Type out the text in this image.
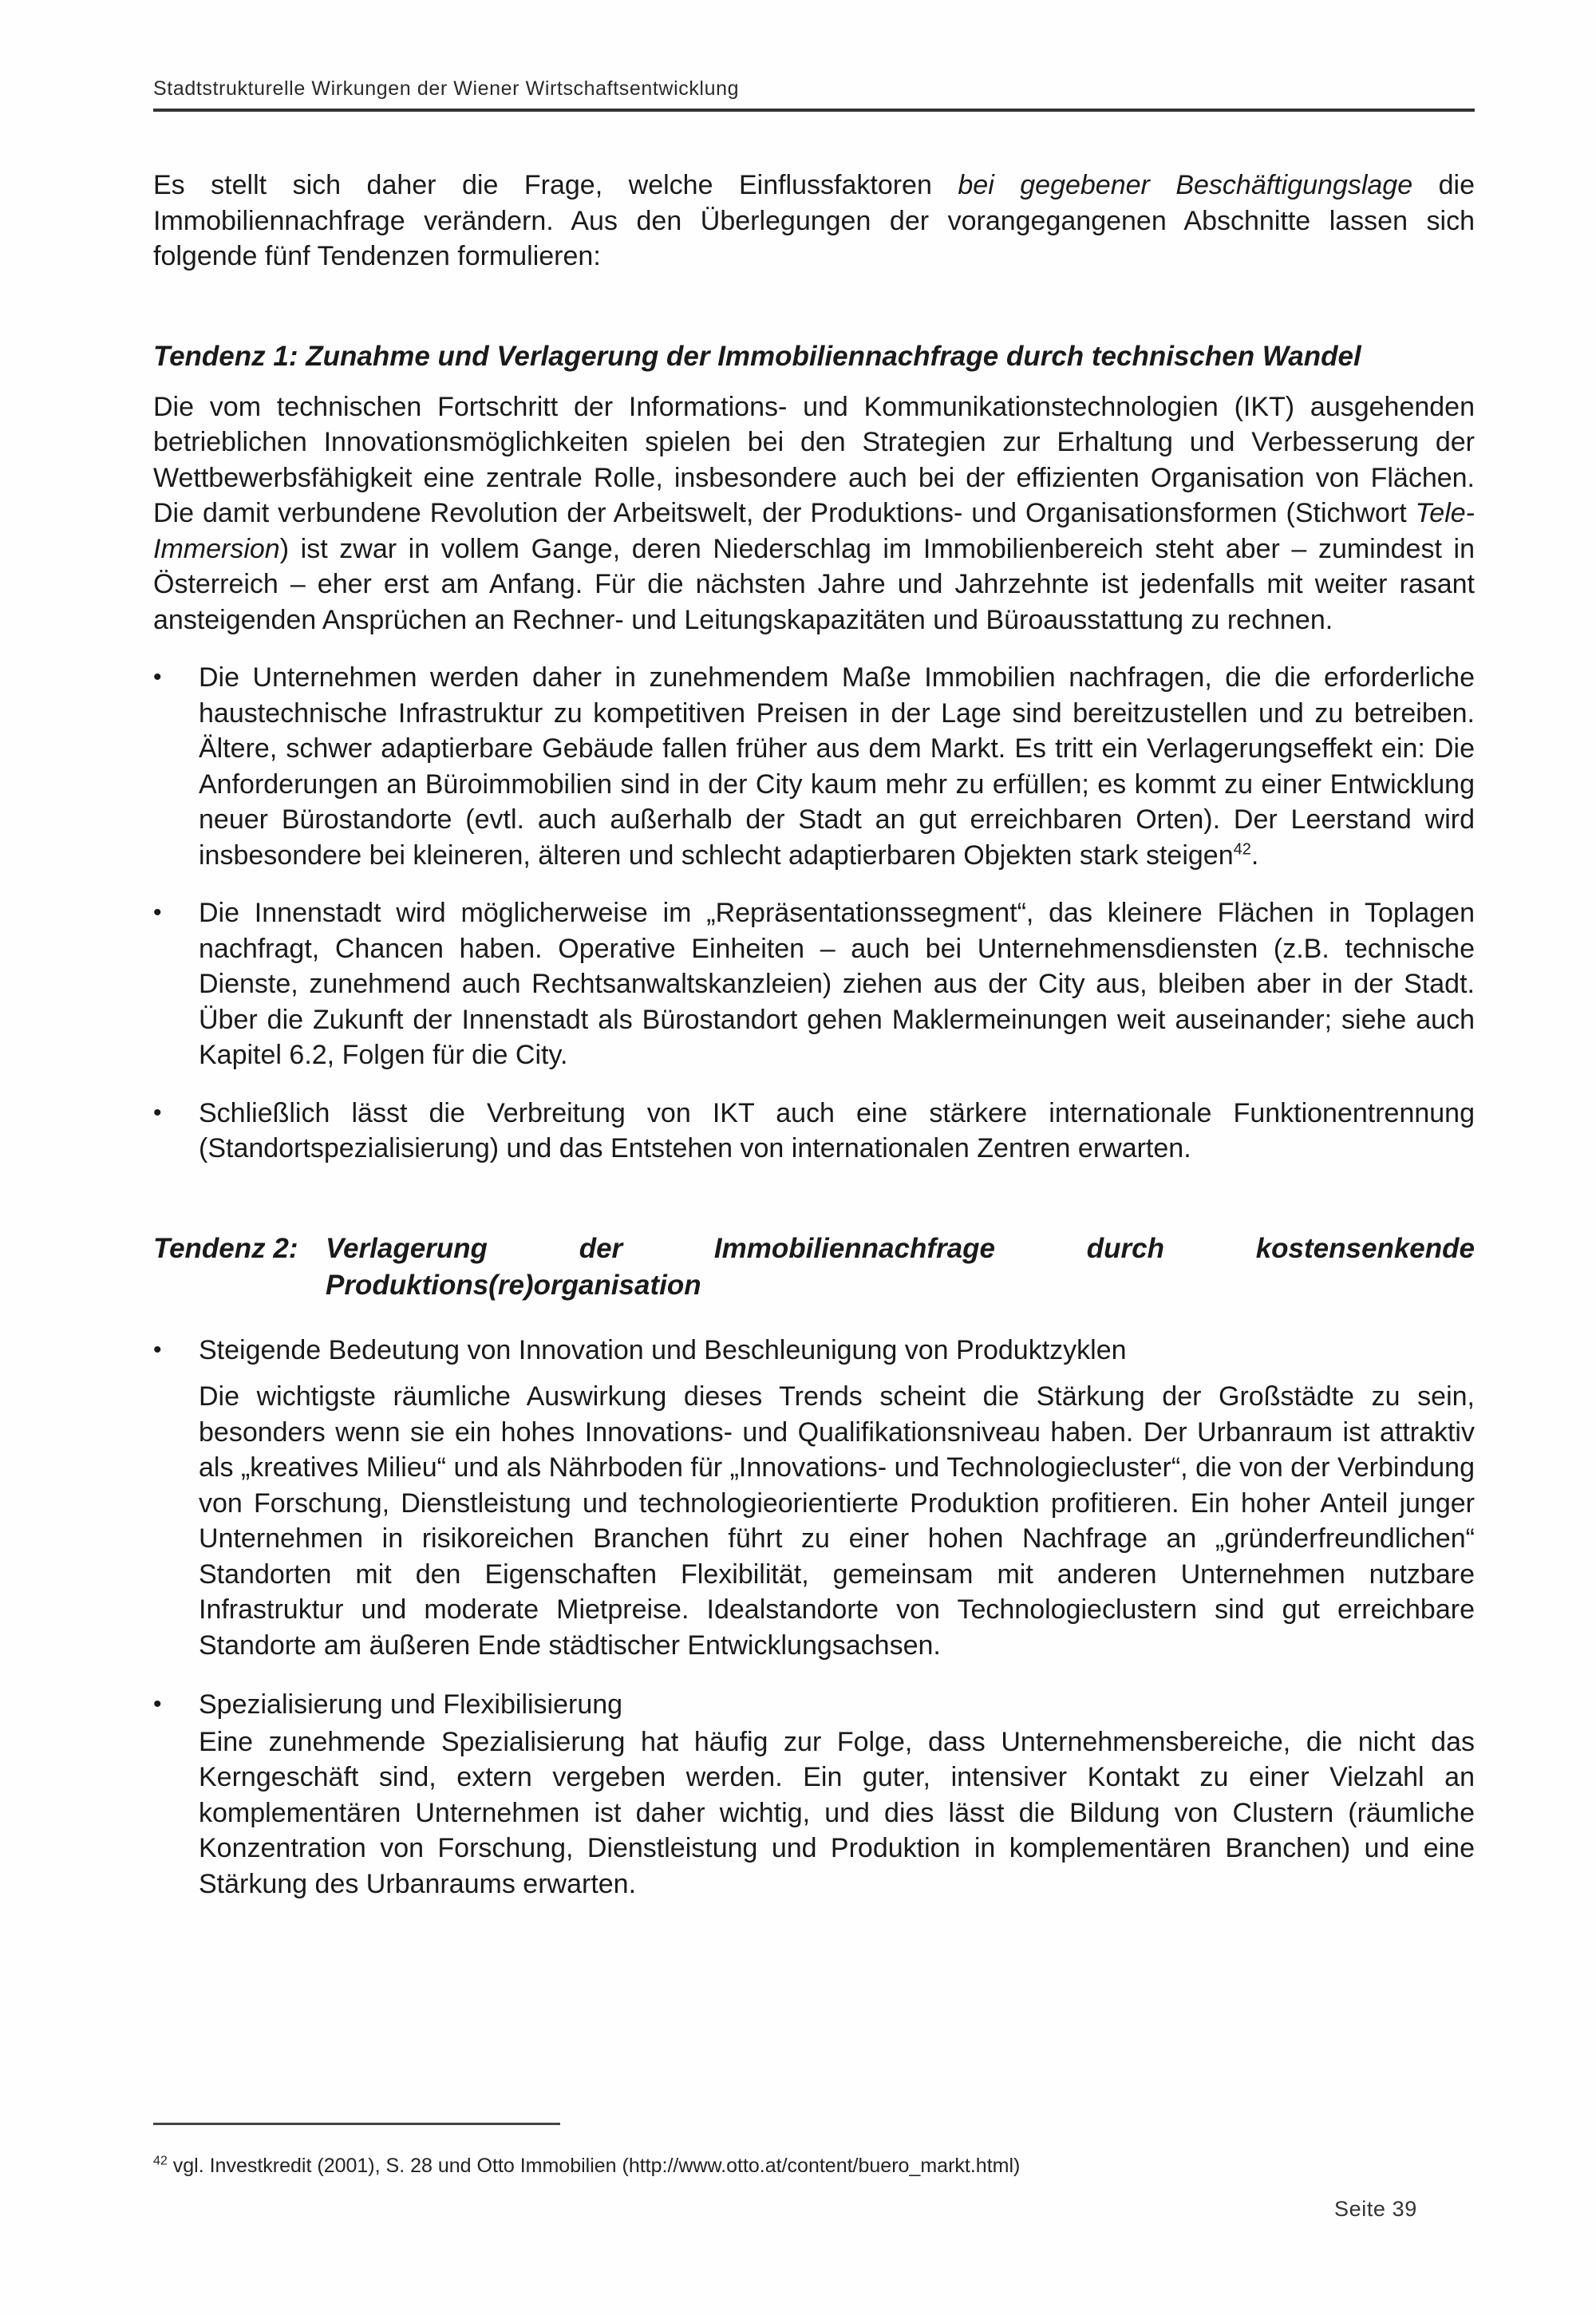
Stadtstrukturelle Wirkungen der Wiener Wirtschaftsentwicklung

Es stellt sich daher die Frage, welche Einflussfaktoren bei gegebener Beschäftigungslage die Immobiliennachfrage verändern. Aus den Überlegungen der vorangegangenen Abschnitte lassen sich folgende fünf Tendenzen formulieren:

Tendenz 1: Zunahme und Verlagerung der Immobiliennachfrage durch technischen Wandel

Die vom technischen Fortschritt der Informations- und Kommunikationstechnologien (IKT) ausgehenden betrieblichen Innovationsmöglichkeiten spielen bei den Strategien zur Erhaltung und Verbesserung der Wettbewerbsfähigkeit eine zentrale Rolle, insbesondere auch bei der effizienten Organisation von Flächen. Die damit verbundene Revolution der Arbeitswelt, der Produktions- und Organisationsformen (Stichwort Tele-Immersion) ist zwar in vollem Gange, deren Niederschlag im Immobilienbereich steht aber – zumindest in Österreich – eher erst am Anfang. Für die nächsten Jahre und Jahrzehnte ist jedenfalls mit weiter rasant ansteigenden Ansprüchen an Rechner- und Leitungskapazitäten und Büroausstattung zu rechnen.

•	Die Unternehmen werden daher in zunehmendem Maße Immobilien nachfragen, die die erforderliche haustechnische Infrastruktur zu kompetitiven Preisen in der Lage sind bereitzustellen und zu betreiben. Ältere, schwer adaptierbare Gebäude fallen früher aus dem Markt. Es tritt ein Verlagerungseffekt ein: Die Anforderungen an Büroimmobilien sind in der City kaum mehr zu erfüllen; es kommt zu einer Entwicklung neuer Bürostandorte (evtl. auch außerhalb der Stadt an gut erreichbaren Orten). Der Leerstand wird insbesondere bei kleineren, älteren und schlecht adaptierbaren Objekten stark steigen$^{42}$.

•	Die Innenstadt wird möglicherweise im „Repräsentationssegment“, das kleinere Flächen in Toplagen nachfragt, Chancen haben. Operative Einheiten – auch bei Unternehmensdiensten (z.B. technische Dienste, zunehmend auch Rechtsanwaltskanzleien) ziehen aus der City aus, bleiben aber in der Stadt. Über die Zukunft der Innenstadt als Bürostandort gehen Maklermeinungen weit auseinander; siehe auch Kapitel 6.2, Folgen für die City.

•	Schließlich lässt die Verbreitung von IKT auch eine stärkere internationale Funktionentrennung (Standortspezialisierung) und das Entstehen von internationalen Zentren erwarten.

Tendenz 2: Verlagerung der Immobiliennachfrage durch kostensenkende Produktions(re)organisation
•	Steigende Bedeutung von Innovation und Beschleunigung von Produktzyklen

Die wichtigste räumliche Auswirkung dieses Trends scheint die Stärkung der Großstädte zu sein, besonders wenn sie ein hohes Innovations- und Qualifikationsniveau haben. Der Urbanraum ist attraktiv als „kreatives Milieu“ und als Nährboden für „Innovations- und Technologiecluster“, die von der Verbindung von Forschung, Dienstleistung und technologieorientierte Produktion profitieren. Ein hoher Anteil junger Unternehmen in risikoreichen Branchen führt zu einer hohen Nachfrage an „gründerfreundlichen“ Standorten mit den Eigenschaften Flexibilität, gemeinsam mit anderen Unternehmen nutzbare Infrastruktur und moderate Mietpreise. Idealstandorte von Technologieclustern sind gut erreichbare Standorte am äußeren Ende städtischer Entwicklungsachsen.

•	Spezialisierung und Flexibilisierung

Eine zunehmende Spezialisierung hat häufig zur Folge, dass Unternehmensbereiche, die nicht das Kerngeschäft sind, extern vergeben werden. Ein guter, intensiver Kontakt zu einer Vielzahl an komplementären Unternehmen ist daher wichtig, und dies lässt die Bildung von Clustern (räumliche Konzentration von Forschung, Dienstleistung und Produktion in komplementären Branchen) und eine Stärkung des Urbanraums erwarten.

$^{42}$ vgl. Investkredit (2001), S. 28 und Otto Immobilien (http://www.otto.at/content/buero_markt.html)
Seite 39
